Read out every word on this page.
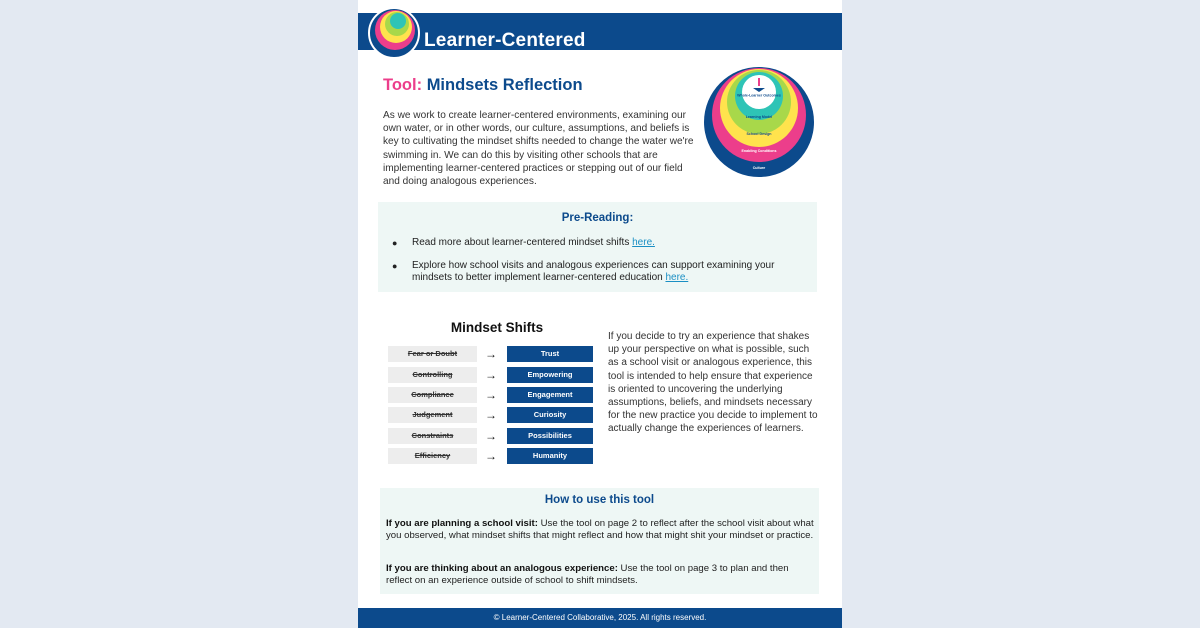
Learner-Centered
COLLABORATIVE
Tool: Mindsets Reflection

As we work to create learner-centered environments, examining our own water, or in other words, our culture, assumptions, and beliefs is key to cultivating the mindset shifts needed to change the water we're swimming in. We can do this by visiting other schools that are implementing learner-centered practices or stepping out of our field and doing analogous experiences.

Whole-Learner Outcomes
Learning Model
School Design
Enabling Conditions
Culture
Pre-Reading:
● Read more about learner-centered mindset shifts here.
● Explore how school visits and analogous experiences can support examining your mindsets to better implement learner-centered education here.
Mindset Shifts
Fear or Doubt	→	Trust
Controlling	→	Empowering
Compliance	→	Engagement
Judgement	→	Curiosity
Constraints	→	Possibilities
Efficiency	→	Humanity

If you decide to try an experience that shakes up your perspective on what is possible, such as a school visit or analogous experience, this tool is intended to help ensure that experience is oriented to uncovering the underlying assumptions, beliefs, and mindsets necessary for the new practice you decide to implement to actually change the experiences of learners.

How to use this tool

If you are planning a school visit: Use the tool on page 2 to reflect after the school visit about what you observed, what mindset shifts that might reflect and how that might shit your mindset or practice.

If you are thinking about an analogous experience: Use the tool on page 3 to plan and then reflect on an experience outside of school to shift mindsets.

© Learner-Centered Collaborative, 2025. All rights reserved.
